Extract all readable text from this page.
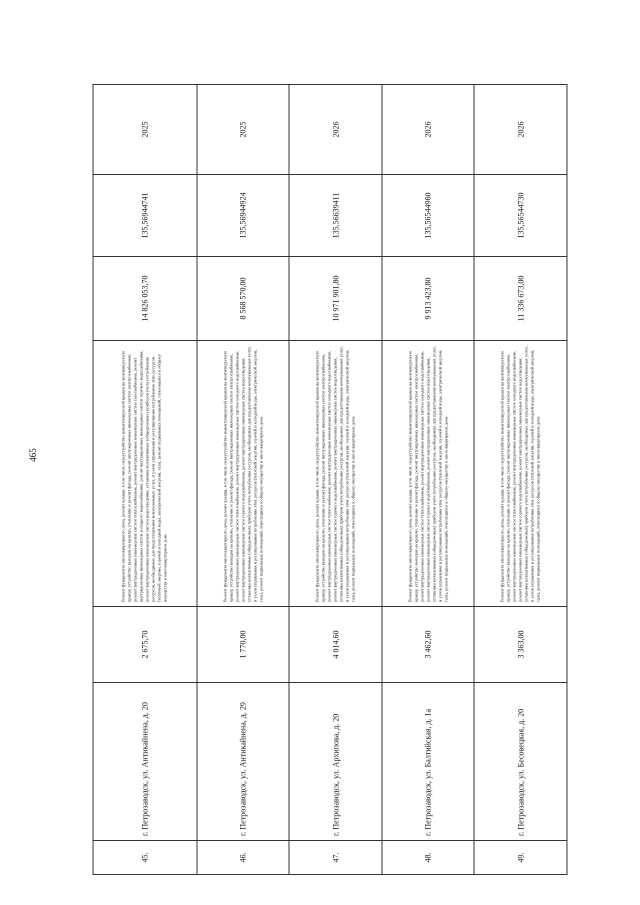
465
45.	г. Петрозаводск, ул. Антикайнена, д. 20	2 675,70	Ремонт фундамента многоквартирного дома, ремонт крыши, в том числе переустройство невентилируемой крыши на вентилируемую крышу, устройство выходов на кровлю, утепление и ремонт фасада, ремонт внутридомовых инженерных систем электроснабжения, ремонт внутридомовых инженерных систем теплоснабжения, ремонт внутридомовых инженерных систем газоснабжения, ремонт внутридомовых инженерных систем холодного водоснабжения, ремонт внутридомовых инженерных систем горячего водоснабжения, ремонт внутридомовых инженерных систем водоотведения, установка коллективных (общедомовых) приборов учета потребления ресурсов, необходимых для предоставления коммунальных услуг, и узлов управления и регулирования потребления этих ресурсов (тепловой энергии, горячей и холодной воды, электрической энергии, газа), ремонт подвальных помещений, относящихся к общему имуществу в многоквартирном доме	14 826 053,70	135,56944741	2025
46.	г. Петрозаводск, ул. Антикайнена, д. 29	1 770,00	Ремонт фундамента многоквартирного дома, ремонт крыши, в том числе переустройство невентилируемой крыши на вентилируемую крышу, устройство выходов на кровлю, утепление и ремонт фасада, ремонт внутридомовых инженерных систем электроснабжения, ремонт внутридомовых инженерных систем теплоснабжения, ремонт внутридомовых инженерных систем холодного водоснабжения, ремонт внутридомовых инженерных систем горячего водоснабжения, ремонт внутридомовых инженерных систем водоотведения, установка коллективных (общедомовых) приборов учета потребления ресурсов, необходимых для предоставления коммунальных услуг, и узлов управления и регулирования потребления этих ресурсов (тепловой энергии, горячей и холодной воды, электрической энергии, газа), ремонт подвальных помещений, относящихся к общему имуществу в многоквартирном доме	8 568 570,00	135,56944924	2025
47.	г. Петрозаводск, ул. Архипова, д. 20	4 014,60	Ремонт фундамента многоквартирного дома, ремонт крыши, в том числе переустройство невентилируемой крыши на вентилируемую крышу, устройство выходов на кровлю, утепление и ремонт фасада, ремонт внутридомовых инженерных систем электроснабжения, ремонт внутридомовых инженерных систем теплоснабжения, ремонт внутридомовых инженерных систем холодного водоснабжения, ремонт внутридомовых инженерных систем горячего водоснабжения, ремонт внутридомовых инженерных систем водоотведения, установка коллективных (общедомовых) приборов учета потребления ресурсов, необходимых для предоставления коммунальных услуг, и узлов управления и регулирования потребления этих ресурсов (тепловой энергии, горячей и холодной воды, электрической энергии, газа), ремонт подвальных помещений, относящихся к общему имуществу в многоквартирном доме	10 971 901,80	135,56639411	2026
48.	г. Петрозаводск, ул. Балтийская, д. 1а	3 462,60	Ремонт фундамента многоквартирного дома, ремонт крыши, в том числе переустройство невентилируемой крыши на вентилируемую крышу, устройство выходов на кровлю, утепление и ремонт фасада, ремонт внутридомовых инженерных систем электроснабжения, ремонт внутридомовых инженерных систем теплоснабжения, ремонт внутридомовых инженерных систем холодного водоснабжения, ремонт внутридомовых инженерных систем горячего водоснабжения, ремонт внутридомовых инженерных систем водоотведения, установка коллективных (общедомовых) приборов учета потребления ресурсов, необходимых для предоставления коммунальных услуг, и узлов управления и регулирования потребления этих ресурсов (тепловой энергии, горячей и холодной воды, электрической энергии, газа), ремонт подвальных помещений, относящихся к общему имуществу в многоквартирном доме	9 913 423,80	135,56544960	2026
49.	г. Петрозаводск, ул. Бесовецкая, д. 20	3 363,00	Ремонт фундамента многоквартирного дома, ремонт крыши, в том числе переустройство невентилируемой крыши на вентилируемую крышу, устройство выходов на кровлю, утепление и ремонт фасада, ремонт внутридомовых инженерных систем электроснабжения, ремонт внутридомовых инженерных систем теплоснабжения, ремонт внутридомовых инженерных систем холодного водоснабжения, ремонт внутридомовых инженерных систем горячего водоснабжения, ремонт внутридомовых инженерных систем водоотведения, установка коллективных (общедомовых) приборов учета потребления ресурсов, необходимых для предоставления коммунальных услуг, и узлов управления и регулирования потребления этих ресурсов (тепловой энергии, горячей и холодной воды, электрической энергии, газа), ремонт подвальных помещений, относящихся к общему имуществу в многоквартирном доме	11 336 673,00	135,56544730	2026
